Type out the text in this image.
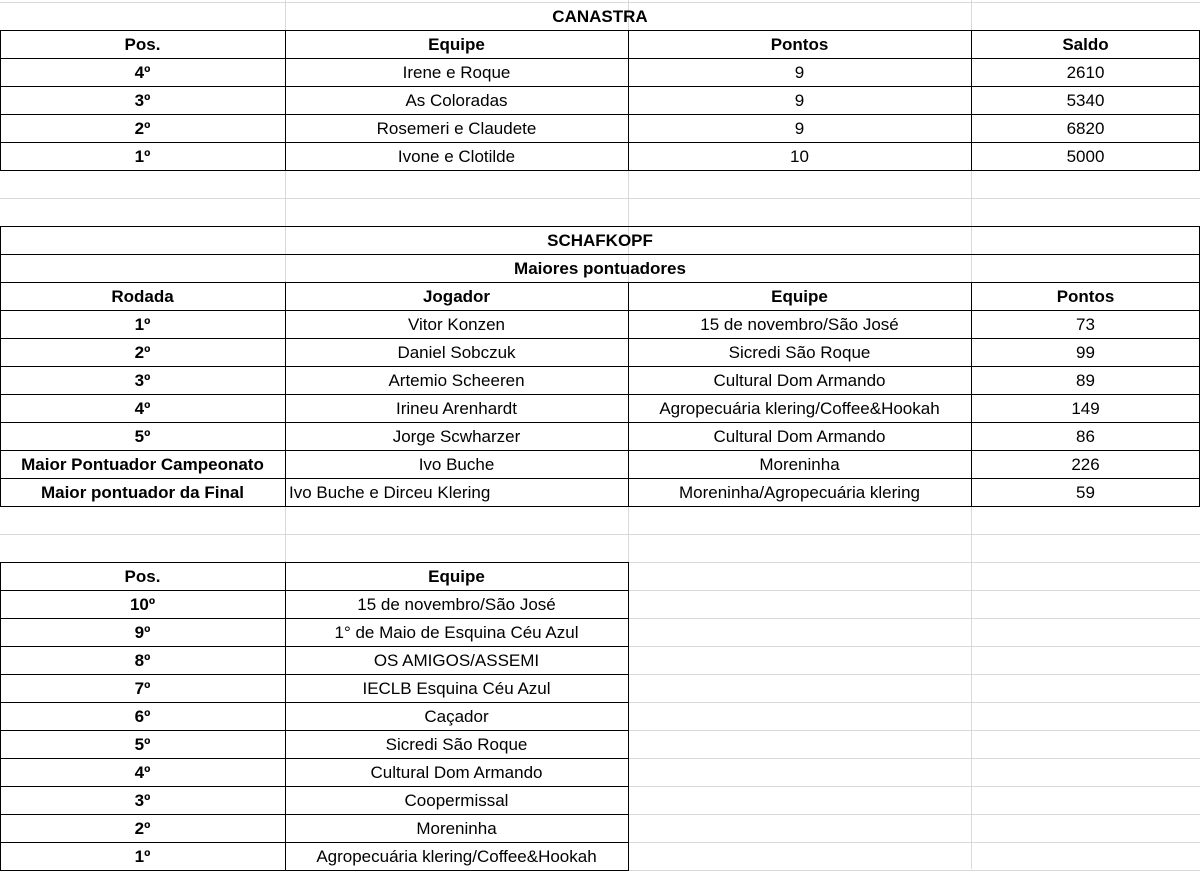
CANASTRA
Pos.	Equipe	Pontos	Saldo
4º	Irene e Roque	9	2610
3º	As Coloradas	9	5340
2º	Rosemeri e Claudete	9	6820
1º	Ivone e Clotilde	10	5000
SCHAFKOPF
Maiores pontuadores
Rodada	Jogador	Equipe	Pontos
1º	Vitor Konzen	15 de novembro/São José	73
2º	Daniel Sobczuk	Sicredi São Roque	99
3º	Artemio Scheeren	Cultural Dom Armando	89
4º	Irineu Arenhardt	Agropecuária klering/Coffee&Hookah	149
5º	Jorge Scwharzer	Cultural Dom Armando	86
Maior Pontuador Campeonato	Ivo Buche	Moreninha	226
Maior pontuador da Final	Ivo Buche e Dirceu Klering	Moreninha/Agropecuária klering	59
Pos.	Equipe
10º	15 de novembro/São José
9º	1° de Maio de Esquina Céu Azul
8º	OS AMIGOS/ASSEMI
7º	IECLB Esquina Céu Azul
6º	Caçador
5º	Sicredi São Roque
4º	Cultural Dom Armando
3º	Coopermissal
2º	Moreninha
1º	Agropecuária klering/Coffee&Hookah
